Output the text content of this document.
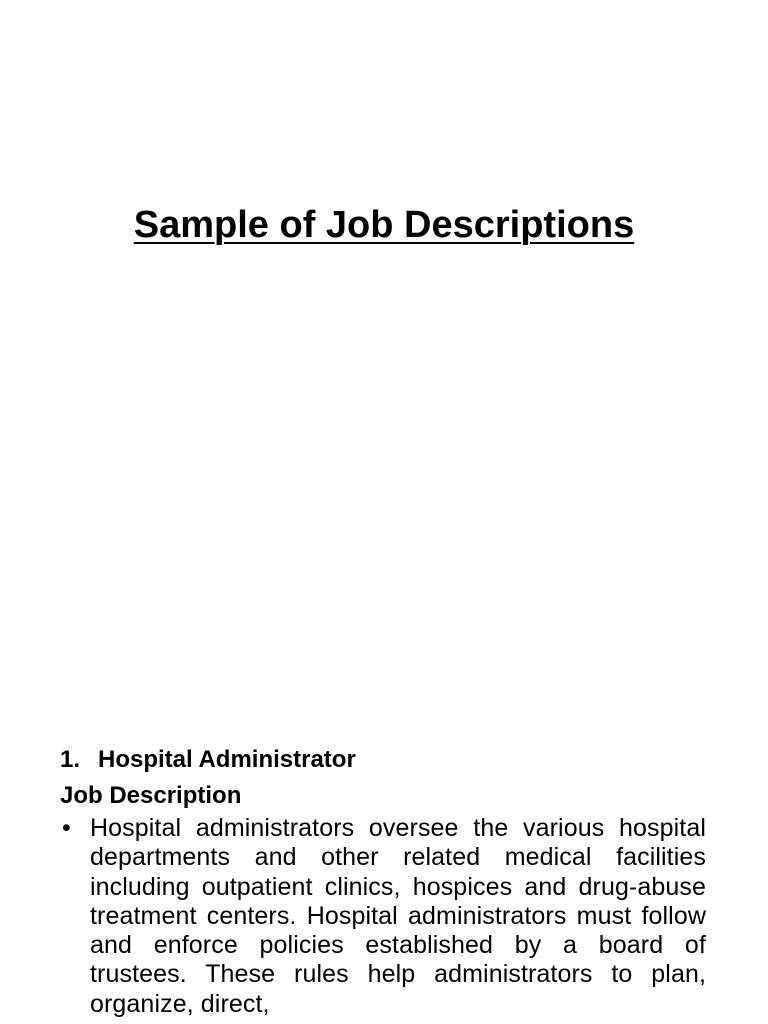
Sample of Job Descriptions

1. Hospital Administrator

Job Description

• Hospital administrators oversee the various hospital departments and other related medical facilities including outpatient clinics, hospices and drug-abuse treatment centers. Hospital administrators must follow and enforce policies established by a board of trustees. These rules help administrators to plan, organize, direct,
